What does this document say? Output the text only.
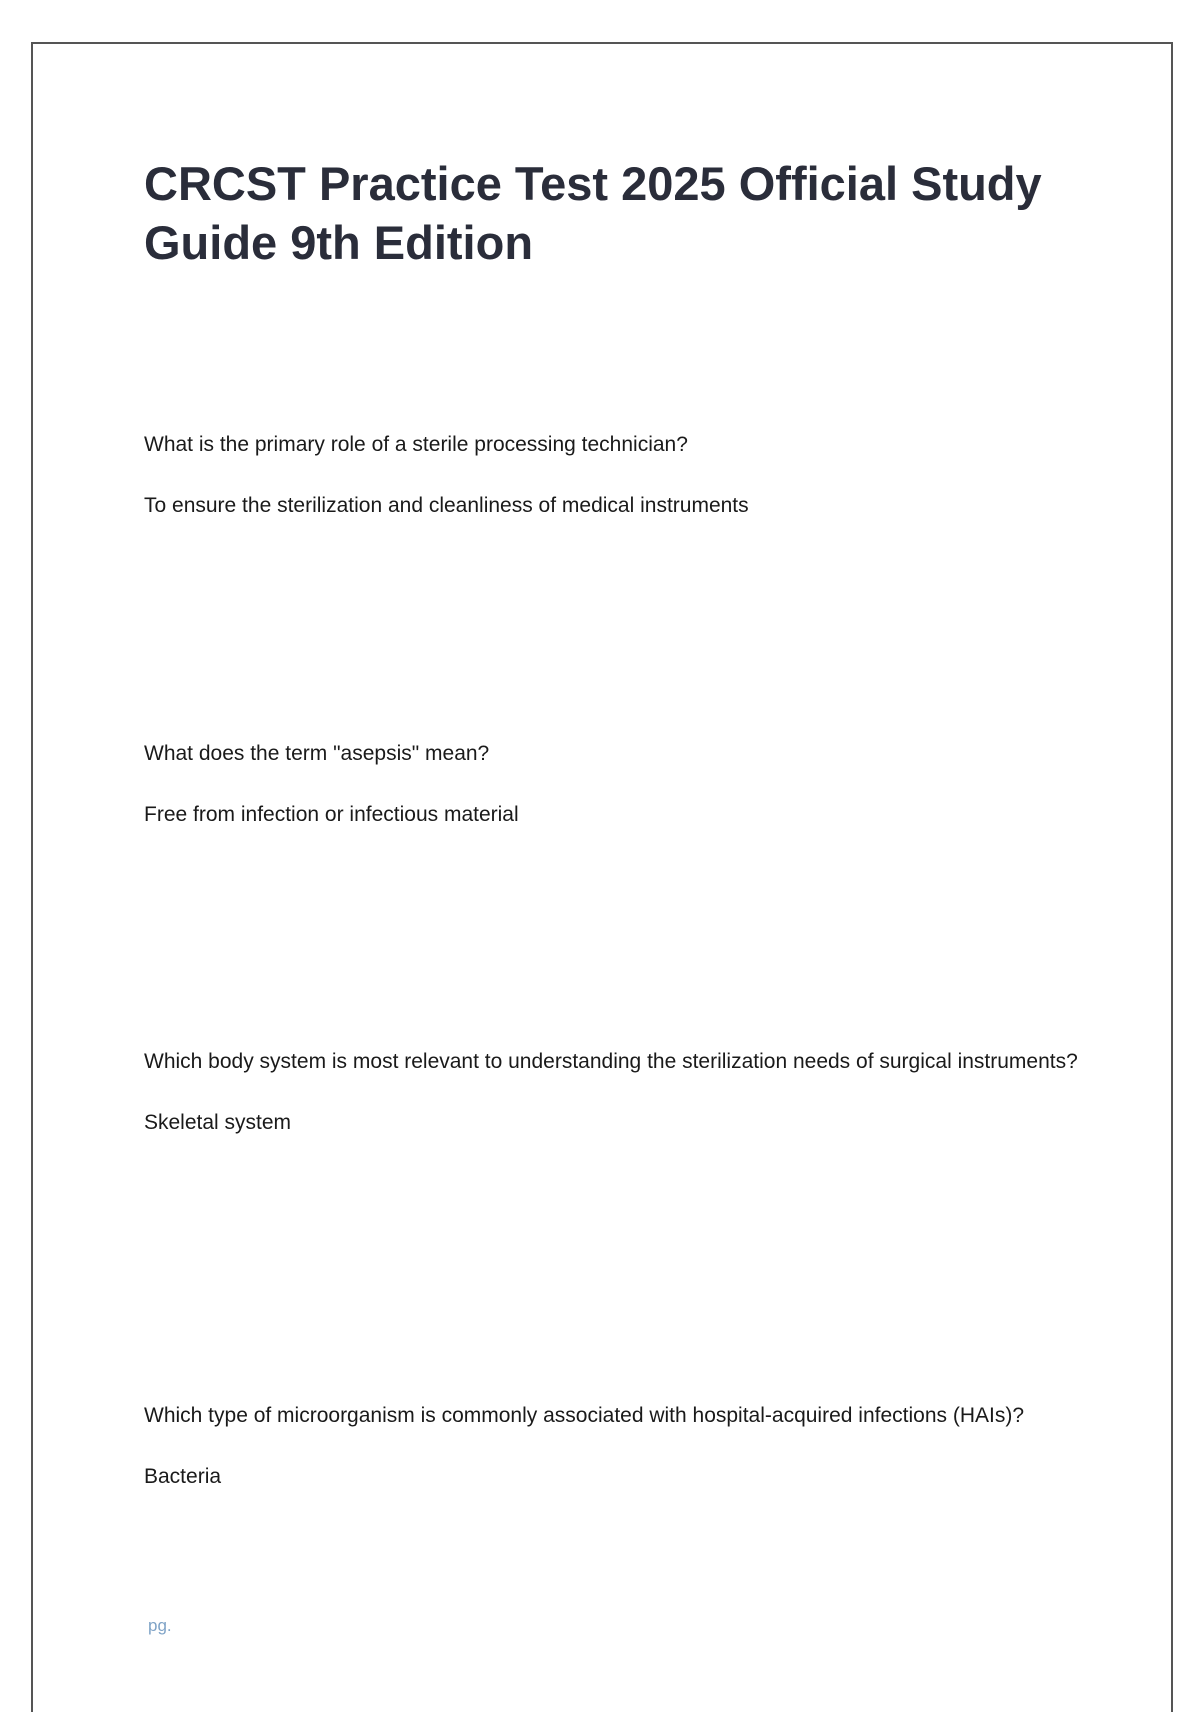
CRCST Practice Test 2025 Official Study Guide 9th Edition

What is the primary role of a sterile processing technician?

To ensure the sterilization and cleanliness of medical instruments

What does the term "asepsis" mean?

Free from infection or infectious material

Which body system is most relevant to understanding the sterilization needs of surgical instruments?

Skeletal system

Which type of microorganism is commonly associated with hospital-acquired infections (HAIs)?

Bacteria

pg.
